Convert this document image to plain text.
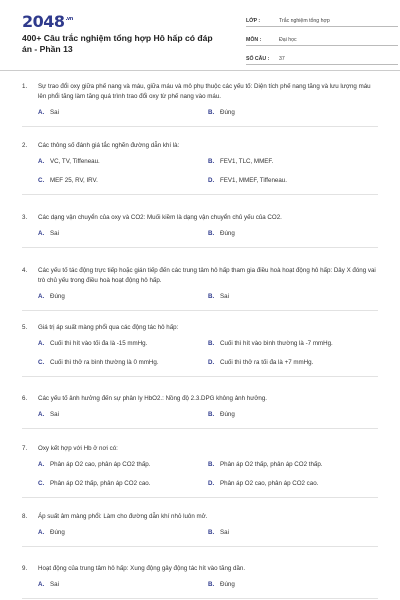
$2048^{.vn}$
400+ Câu trắc nghiệm tổng hợp Hô hấp có đáp án - Phần 13
LỚP :	Trắc nghiệm tổng hợp
MÔN :	Đại học
SỐ CÂU :	37
1.	Sự trao đổi oxy giữa phế nang và máu, giữa máu và mô phụ thuộc các yếu tố: Diện tích phế nang tăng và lưu lượng máu lên phổi tăng làm tăng quá trình trao đổi oxy từ phế nang vào máu.
A. Sai	B. Đúng
2.	Các thông số đánh giá tắc nghẽn đường dẫn khí là:
A. VC, TV, Tiffeneau.	B. FEV1, TLC, MMEF.
C. MEF 25, RV, IRV.	D. FEV1, MMEF, Tiffeneau.
3.	Các dạng vận chuyển của oxy và CO2: Muối kiềm là dạng vận chuyển chủ yếu của CO2.
A. Sai	B. Đúng
4.	Các yếu tố tác động trực tiếp hoặc gián tiếp đến các trung tâm hô hấp tham gia điều hoà hoạt động hô hấp: Dây X đóng vai trò chủ yếu trong điều hoà hoạt động hô hấp.
A. Đúng	B. Sai
5.	Giá trị áp suất màng phổi qua các động tác hô hấp:
A. Cuối thì hít vào tối đa là -15 mmHg.	B. Cuối thì hít vào bình thường là -7 mmHg.
C. Cuối thì thở ra bình thường là 0 mmHg.	D. Cuối thì thở ra tối đa là +7 mmHg.
6.	Các yếu tố ảnh hưởng đến sự phân ly HbO2.: Nồng độ 2.3.DPG không ảnh hưởng.
A. Sai	B. Đúng
7.	Oxy kết hợp với Hb ở nơi có:
A. Phân áp O2 cao, phân áp CO2 thấp.	B. Phân áp O2 thấp, phân áp CO2 thấp.
C. Phân áp O2 thấp, phân áp CO2 cao.	D. Phân áp O2 cao, phân áp CO2 cao.
8.	Áp suất âm màng phổi: Làm cho đường dẫn khí nhỏ luôn mở.
A. Đúng	B. Sai
9.	Hoạt động của trung tâm hô hấp: Xung động gây động tác hít vào tăng dần.
A. Sai	B. Đúng
